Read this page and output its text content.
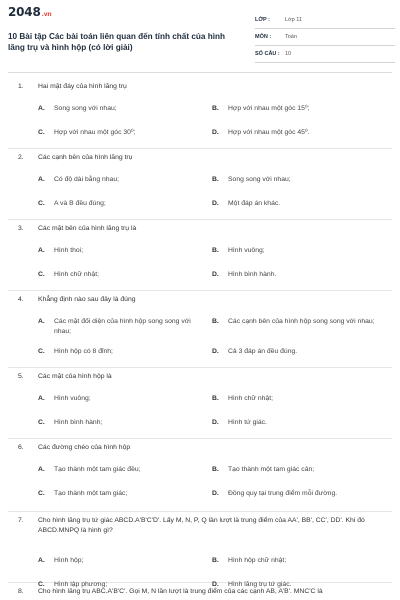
2048.vn
10 Bài tập Các bài toán liên quan đến tính chất của hình lăng trụ và hình hộp (có lời giải)
LỚP :	Lớp 11
MÔN :	Toán
SỐ CÂU : 10
1.	Hai mặt đáy của hình lăng trụ
A.	Song song với nhau;	B.	Hợp với nhau một góc 15⁰;
C.	Hợp với nhau một góc 30⁰;	D.	Hợp với nhau một góc 45⁰.
2.	Các cạnh bên của hình lăng trụ
A.	Có độ dài bằng nhau;	B.	Song song với nhau;
C.	A và B đều đúng;	D.	Một đáp án khác.
3.	Các mặt bên của hình lăng trụ là
A.	Hình thoi;	B.	Hình vuông;
C.	Hình chữ nhật;	D.	Hình bình hành.
4.	Khẳng định nào sau đây là đúng
A.	Các mặt đối diện của hình hộp song song với nhau;
B.	Các cạnh bên của hình hộp song song với nhau;
C.	Hình hộp có 8 đỉnh;	D.	Cả 3 đáp án đều đúng.
5.	Các mặt của hình hộp là
A.	Hình vuông;	B.	Hình chữ nhật;
C.	Hình bình hành;	D.	Hình tứ giác.
6.	Các đường chéo của hình hộp
A.	Tạo thành một tam giác đều;	B.	Tạo thành một tam giác cân;
C.	Tạo thành một tam giác;	D.	Đồng quy tại trung điểm mỗi đường.
7.	Cho hình lăng trụ tứ giác ABCD.A'B'C'D'. Lấy M, N, P, Q lần lượt là trung điểm của AA', BB', CC', DD'. Khi đó ABCD.MNPQ là hình gì?
A.	Hình hộp;	B.	Hình hộp chữ nhật;
C.	Hình lập phương;	D.	Hình lăng trụ tứ giác.
8.	Cho hình lăng trụ ABC.A'B'C'. Gọi M, N lần lượt là trung điểm của các cạnh AB, A'B'. MNC'C là
